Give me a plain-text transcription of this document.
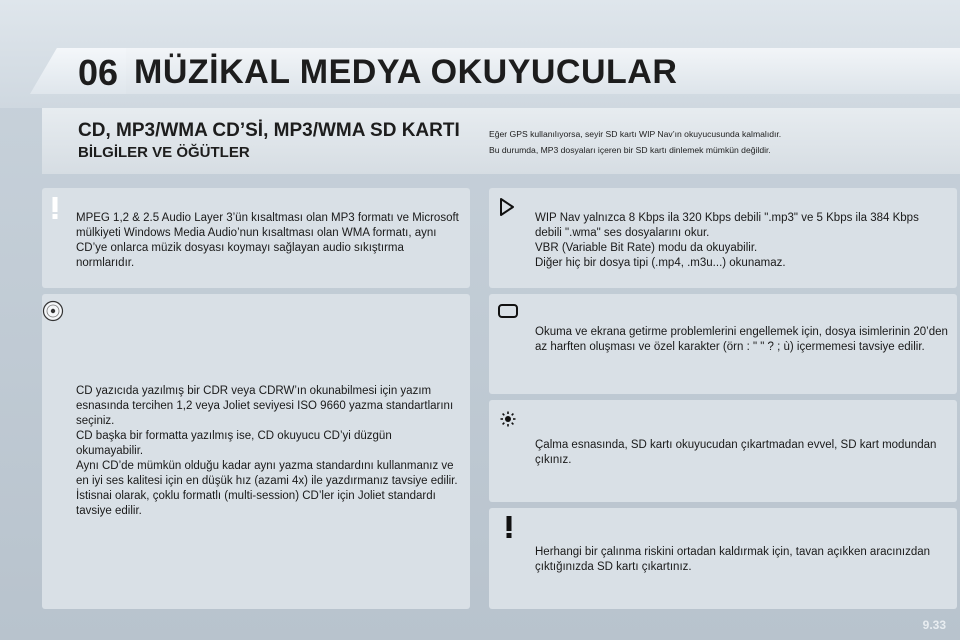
06 MÜZİKAL MEDYA OKUYUCULAR
CD, MP3/WMA CD’Sİ, MP3/WMA SD KARTI
BİLGİLER VE ÖĞÜTLER
Eğer GPS kullanılıyorsa, seyir SD kartı WIP Nav’ın okuyucusunda kalmalıdır.
Bu durumda, MP3 dosyaları içeren bir SD kartı dinlemek mümkün değildir.
MPEG 1,2 & 2.5 Audio Layer 3’ün kısaltması olan MP3 formatı ve Microsoft mülkiyeti Windows Media Audio’nun kısaltması olan WMA formatı, aynı CD’ye onlarca müzik dosyası koymayı sağlayan audio sıkıştırma normlarıdır.
CD yazıcıda yazılmış bir CDR veya CDRW’ın okunabilmesi için yazım esnasında tercihen 1,2 veya Joliet seviyesi ISO 9660 yazma standartlarını seçiniz.
CD başka bir formatta yazılmış ise, CD okuyucu CD’yi düzgün okumayabilir.
Aynı CD’de mümkün olduğu kadar aynı yazma standardını kullanmanız ve en iyi ses kalitesi için en düşük hız (azami 4x) ile yazdırmanız tavsiye edilir.
İstisnai olarak, çoklu formatlı (multi-session) CD’ler için Joliet standardı tavsiye edilir.
WIP Nav yalnızca 8 Kbps ila 320 Kbps debili ".mp3" ve 5 Kbps ila 384 Kbps debili ".wma" ses dosyalarını okur.
VBR (Variable Bit Rate) modu da okuyabilir.
Diğer hiç bir dosya tipi (.mp4, .m3u...) okunamaz.
Okuma ve ekrana getirme problemlerini engellemek için, dosya isimlerinin 20’den az harften oluşması ve özel karakter (örn : " " ? ; ù) içermemesi tavsiye edilir.
Çalma esnasında, SD kartı okuyucudan çıkartmadan evvel, SD kart modundan çıkınız.
Herhangi bir çalınma riskini ortadan kaldırmak için, tavan açıkken aracınızdan çıktığınızda SD kartı çıkartınız.
9.33
